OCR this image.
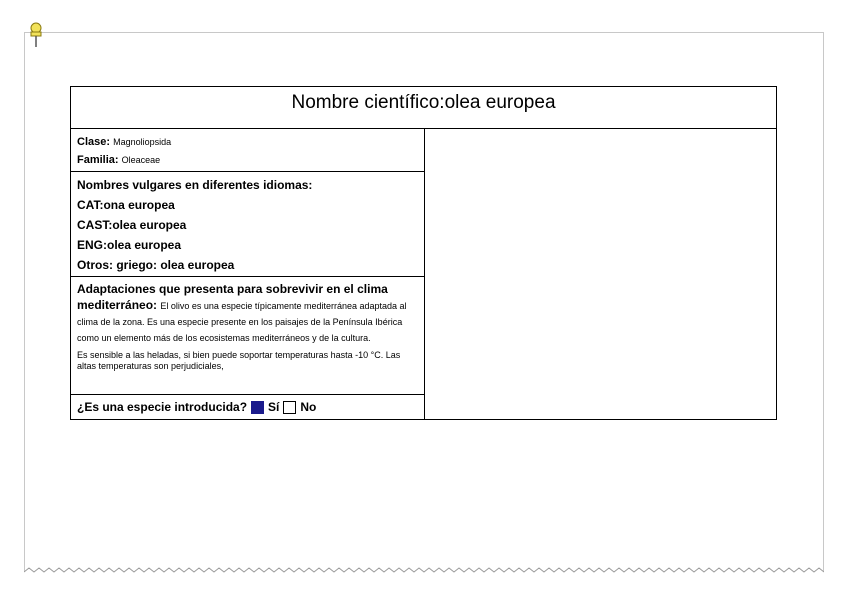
Nombre científico:olea europea
Clase: Magnoliopsida
Familia: Oleaceae
Nombres vulgares en diferentes idiomas:
CAT:ona europea
CAST:olea europea
ENG:olea europea
Otros: griego: olea europea
Adaptaciones que presenta para sobrevivir en el clima mediterráneo: El olivo es una especie típicamente mediterránea adaptada al clima de la zona. Es una especie presente en los paisajes de la Península Ibérica como un elemento más de los ecosistemas mediterráneos y de la cultura.
Es sensible a las heladas, si bien puede soportar temperaturas hasta -10 °C. Las altas temperaturas son perjudiciales,
¿Es una especie introducida? Sí No
